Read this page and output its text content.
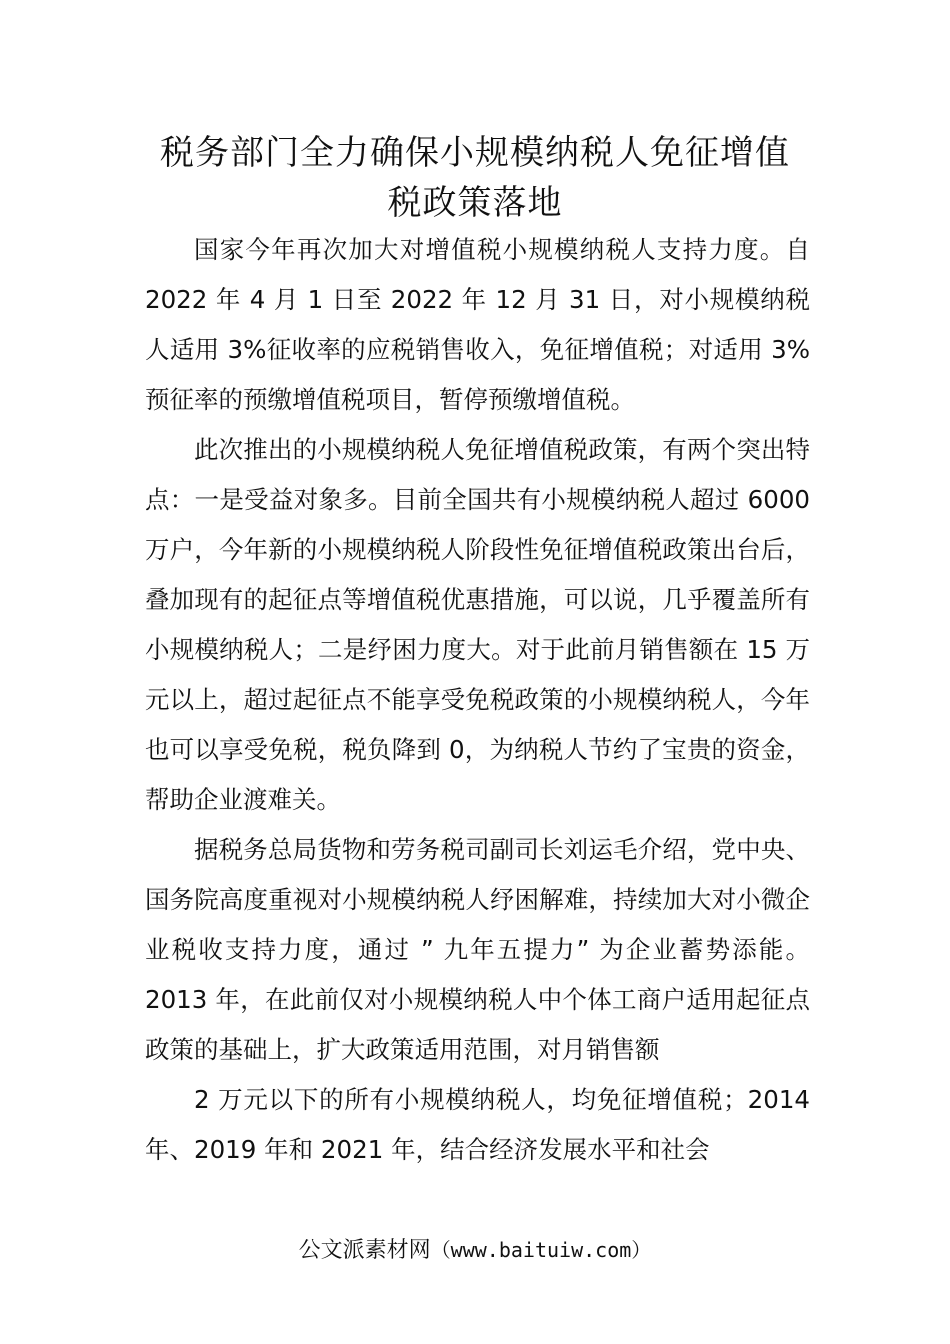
税务部门全力确保小规模纳税人免征增值
税政策落地

国家今年再次加大对增值税小规模纳税人支持力度。自 2022 年 4 月 1 日至 2022 年 12 月 31 日，对小规模纳税人适用 3%征收率的应税销售收入，免征增值税；对适用 3%预征率的预缴增值税项目，暂停预缴增值税。

此次推出的小规模纳税人免征增值税政策，有两个突出特点：一是受益对象多。目前全国共有小规模纳税人超过 6000 万户，今年新的小规模纳税人阶段性免征增值税政策出台后，叠加现有的起征点等增值税优惠措施，可以说，几乎覆盖所有小规模纳税人；二是纾困力度大。对于此前月销售额在 15 万元以上，超过起征点不能享受免税政策的小规模纳税人，今年也可以享受免税，税负降到 0，为纳税人节约了宝贵的资金，帮助企业渡难关。

据税务总局货物和劳务税司副司长刘运毛介绍，党中央、国务院高度重视对小规模纳税人纾困解难，持续加大对小微企业税收支持力度，通过 ” 九年五提力” 为企业蓄势添能。2013 年，在此前仅对小规模纳税人中个体工商户适用起征点政策的基础上，扩大政策适用范围，对月销售额

2 万元以下的所有小规模纳税人，均免征增值税；2014 年、2019 年和 2021 年，结合经济发展水平和社会

公文派素材网（www.baituiw.com）
